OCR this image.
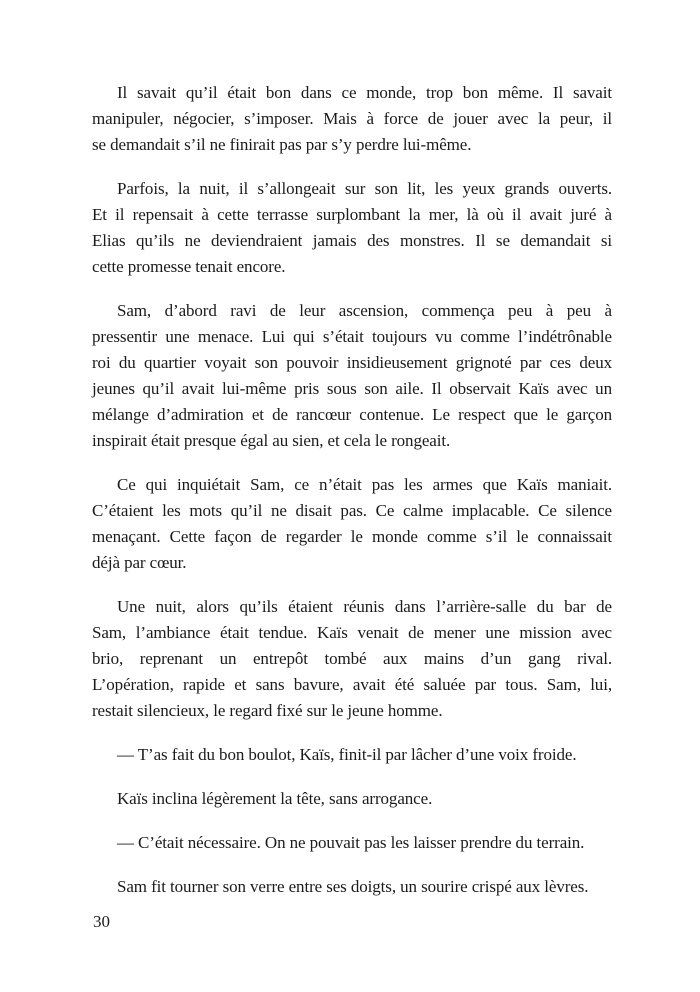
Il savait qu’il était bon dans ce monde, trop bon même. Il savait
manipuler, négocier, s’imposer. Mais à force de jouer avec la peur, il
se demandait s’il ne finirait pas par s’y perdre lui-même.
Parfois, la nuit, il s’allongeait sur son lit, les yeux grands ouverts.
Et il repensait à cette terrasse surplombant la mer, là où il avait juré à
Elias qu’ils ne deviendraient jamais des monstres. Il se demandait si
cette promesse tenait encore.
Sam, d’abord ravi de leur ascension, commença peu à peu à
pressentir une menace. Lui qui s’était toujours vu comme l’indétrônable
roi du quartier voyait son pouvoir insidieusement grignoté par ces deux
jeunes qu’il avait lui-même pris sous son aile. Il observait Kaïs avec un
mélange d’admiration et de rancœur contenue. Le respect que le garçon
inspirait était presque égal au sien, et cela le rongeait.
Ce qui inquiétait Sam, ce n’était pas les armes que Kaïs maniait.
C’étaient les mots qu’il ne disait pas. Ce calme implacable. Ce silence
menaçant. Cette façon de regarder le monde comme s’il le connaissait
déjà par cœur.
Une nuit, alors qu’ils étaient réunis dans l’arrière-salle du bar de
Sam, l’ambiance était tendue. Kaïs venait de mener une mission avec
brio, reprenant un entrepôt tombé aux mains d’un gang rival.
L’opération, rapide et sans bavure, avait été saluée par tous. Sam, lui,
restait silencieux, le regard fixé sur le jeune homme.
— T’as fait du bon boulot, Kaïs, finit-il par lâcher d’une voix froide.
Kaïs inclina légèrement la tête, sans arrogance.
— C’était nécessaire. On ne pouvait pas les laisser prendre du terrain.
Sam fit tourner son verre entre ses doigts, un sourire crispé aux lèvres.
30
